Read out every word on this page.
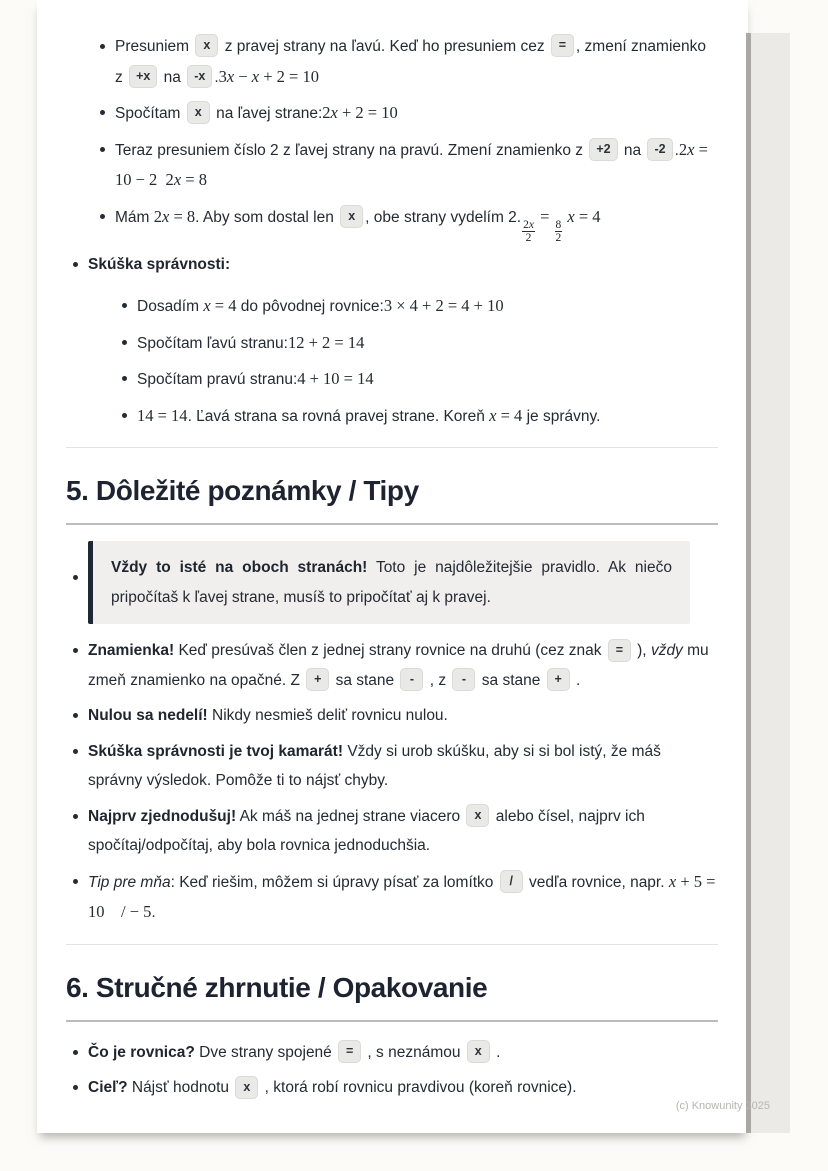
Presuniem x z pravej strany na ľavú. Keď ho presuniem cez = , zmení znamienko z +x na -x .3x − x + 2 = 10
Spočítam x na ľavej strane:2x + 2 = 10
Teraz presuniem číslo 2 z ľavej strany na pravú. Zmení znamienko z +2 na -2 .2x = 10 − 2 2x = 8
Mám 2x = 8. Aby som dostal len x , obe strany vydelím 2.
$\frac{2x}{2}$
=
$\frac{8}{2}$
x = 4
Skúška správnosti:
Dosadím x = 4 do pôvodnej rovnice:3 × 4 + 2 = 4 + 10
Spočítam ľavú stranu:12 + 2 = 14
Spočítam pravú stranu:4 + 10 = 14
14 = 14. Ľavá strana sa rovná pravej strane. Koreň x = 4 je správny.
5. Dôležité poznámky / Tipy
Vždy to isté na oboch stranách! Toto je najdôležitejšie pravidlo. Ak niečo pripočítaš k ľavej strane, musíš to pripočítať aj k pravej.
Znamienka! Keď presúvaš člen z jednej strany rovnice na druhú (cez znak = ), vždy mu zmeň znamienko na opačné. Z + sa stane - , z - sa stane + .
Nulou sa nedelí! Nikdy nesmieš deliť rovnicu nulou.
Skúška správnosti je tvoj kamarát! Vždy si urob skúšku, aby si si bol istý, že máš správny výsledok. Pomôže ti to nájsť chyby.
Najprv zjednodušuj! Ak máš na jednej strane viacero x alebo čísel, najprv ich spočítaj/odpočítaj, aby bola rovnica jednoduchšia.
Tip pre mňa: Keď riešim, môžem si úpravy písať za lomítko / vedľa rovnice, napr. x + 5 = 10  / − 5.
6. Stručné zhrnutie / Opakovanie
Čo je rovnica? Dve strany spojené = , s neznámou x .
Cieľ? Nájsť hodnotu x , ktorá robí rovnicu pravdivou (koreň rovnice).
(c) Knowunity 2025
